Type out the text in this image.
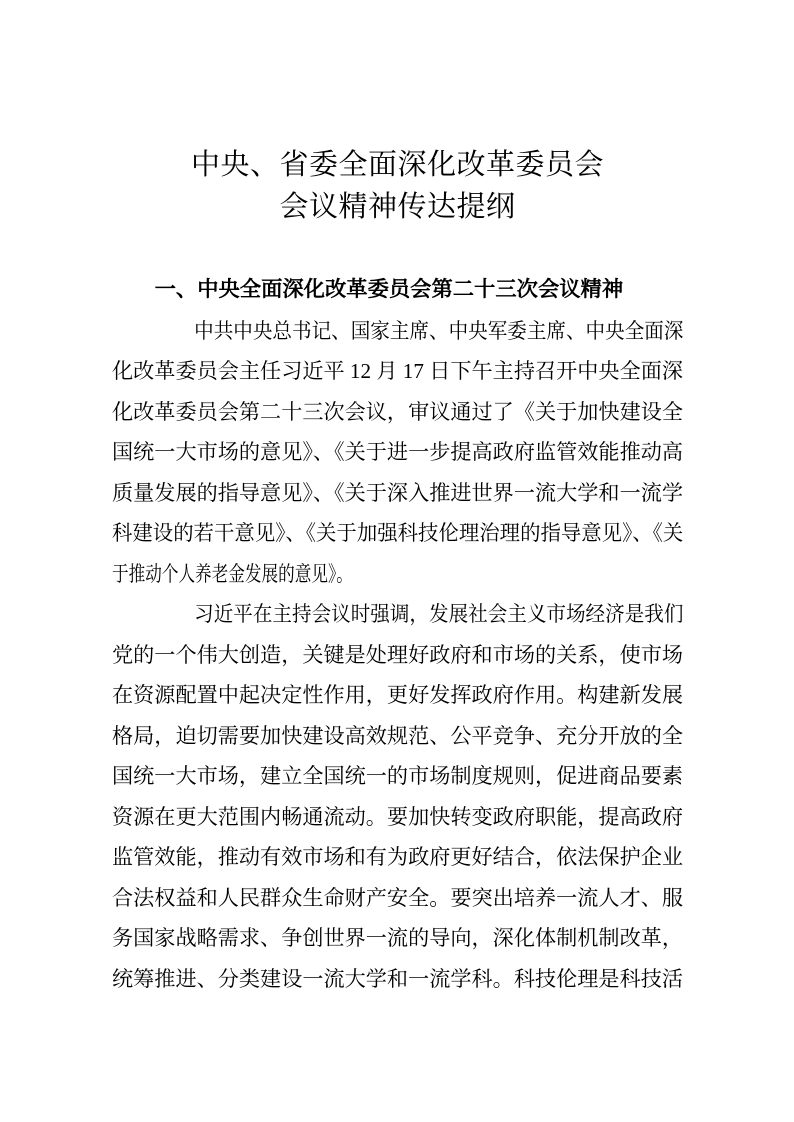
中央、省委全面深化改革委员会
会议精神传达提纲
一、中央全面深化改革委员会第二十三次会议精神
中共中央总书记、国家主席、中央军委主席、中央全面深
化改革委员会主任习近平 12 月 17 日下午主持召开中央全面深
化改革委员会第二十三次会议，审议通过了《关于加快建设全
国统一大市场的意见》、《关于进一步提高政府监管效能推动高
质量发展的指导意见》、《关于深入推进世界一流大学和一流学
科建设的若干意见》、《关于加强科技伦理治理的指导意见》、《关
于推动个人养老金发展的意见》。
习近平在主持会议时强调，发展社会主义市场经济是我们
党的一个伟大创造，关键是处理好政府和市场的关系，使市场
在资源配置中起决定性作用，更好发挥政府作用。构建新发展
格局，迫切需要加快建设高效规范、公平竞争、充分开放的全
国统一大市场，建立全国统一的市场制度规则，促进商品要素
资源在更大范围内畅通流动。要加快转变政府职能，提高政府
监管效能，推动有效市场和有为政府更好结合，依法保护企业
合法权益和人民群众生命财产安全。要突出培养一流人才、服
务国家战略需求、争创世界一流的导向，深化体制机制改革，
统筹推进、分类建设一流大学和一流学科。科技伦理是科技活
